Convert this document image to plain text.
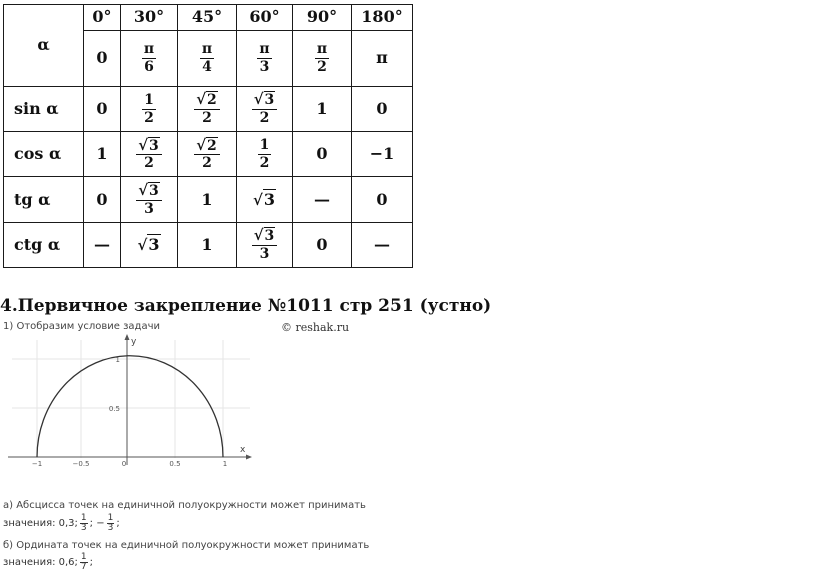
α	0°	30°	45°	60°	90°	180°
	0	$\frac{\pi}{6}$	$\frac{\pi}{4}$	$\frac{\pi}{3}$	$\frac{\pi}{2}$	π
sin α	0	$\frac{1}{2}$	$\frac{√2}{2}$	$\frac{√3}{2}$	1	0
cos α	1	$\frac{√3}{2}$	$\frac{√2}{2}$	$\frac{1}{2}$	0	−1
tg α	0	$\frac{√3}{3}$	1	√3	—	0
ctg α	—	√3	1	$\frac{√3}{3}$	0	—
4.Первичное закрепление №1011 стр 251 (устно)
1) Отобразим условие задачи	© reshak.ru
y
x
1
0.5
−1	−0.5	0	0.5	1
а) Абсцисса точек на единичной полуокружности может принимать
значения: 0,3;
1
3 ; − $\frac{1}{3}$ ;
б) Ордината точек на единичной полуокружности может принимать
значения: 0,6;
1
7 ;
